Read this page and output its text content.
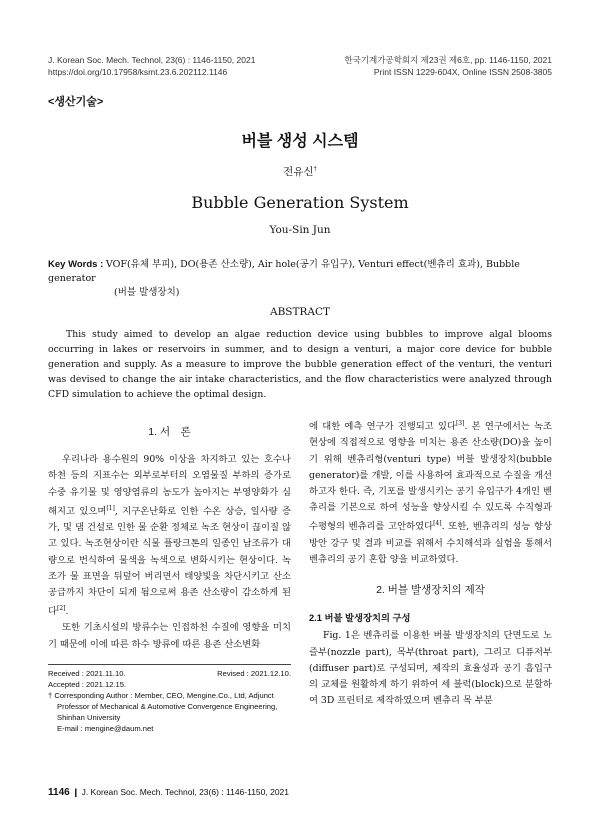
J. Korean Soc. Mech. Technol, 23(6) : 1146-1150, 2021
https://doi.org/10.17958/ksmt.23.6.202112.1146
한국기계가공학회지 제23권 제6호, pp. 1146-1150, 2021
Print ISSN 1229-604X, Online ISSN 2508-3805
<생산기술>
버블 생성 시스템
전유신†
Bubble Generation System
You-Sin Jun
Key Words : VOF(유체 부피), DO(용존 산소량), Air hole(공기 유입구), Venturi effect(벤츄리 효과), Bubble generator
(버블 발생장치)
ABSTRACT
This study aimed to develop an algae reduction device using bubbles to improve algal blooms occurring in lakes or reservoirs in summer, and to design a venturi, a major core device for bubble generation and supply. As a measure to improve the bubble generation effect of the venturi, the venturi was devised to change the air intake characteristics, and the flow characteristics were analyzed through CFD simulation to achieve the optimal design.
1. 서　론

우리나라 용수원의 90% 이상을 차지하고 있는 호수나 하천 등의 지표수는 외부로부터의 오염물질 부하의 증가로 수중 유기물 및 영양염류의 농도가 높아지는 부영양화가 심해지고 있으며[1], 지구온난화로 인한 수온 상승, 일사량 증가, 및 댐 건설로 인한 물 순환 정체로 녹조 현상이 끊이질 않고 있다. 녹조현상이란 식물 플랑크톤의 일종인 남조류가 대량으로 번식하여 물색을 녹색으로 변화시키는 현상이다. 녹조가 물 표면을 뒤덮어 버리면서 태양빛을 차단시키고 산소 공급까지 차단이 되게 됨으로써 용존 산소량이 감소하게 된다[2].

또한 기초시설의 방류수는 인접하천 수질에 영향을 미치기 때문에 이에 따른 하수 방류에 따른 용존 산소변화

에 대한 예측 연구가 진행되고 있다[3]. 본 연구에서는 녹조 현상에 직접적으로 영향을 미치는 용존 산소량(DO)을 높이기 위해 벤츄리형(venturi type) 버블 발생장치(bubble generator)를 개발, 이를 사용하여 효과적으로 수질을 개선하고자 한다. 즉, 기포를 발생시키는 공기 유입구가 4개인 벤츄리를 기본으로 하여 성능을 향상시킬 수 있도록 수직형과 수평형의 벤츄리를 고안하였다[4]. 또한, 벤츄리의 성능 향상 방안 강구 및 결과 비교를 위해서 수치해석과 실험을 통해서 벤츄리의 공기 혼합 양을 비교하였다.

2. 버블 발생장치의 제작
2.1 버블 발생장치의 구성

Fig. 1은 벤츄리를 이용한 버블 발생장치의 단면도로 노즐부(nozzle part), 목부(throat part), 그리고 디퓨저부(diffuser part)로 구성되며, 제작의 효율성과 공기 흡입구의 교체를 원활하게 하기 위하여 세 블럭(block)으로 분할하여 3D 프린터로 제작하였으며 벤츄리 목 부분

Received : 2021.11.10.	Revised : 2021.12.10.
Accepted : 2021.12.15.
† Corresponding Author : Member, CEO, Mengine.Co., Ltd, Adjunct Professor of Mechanical & Automotive Convergence Engineering, Shinhan University
E-mail : mengine@daum.net
1146 ❙ J. Korean Soc. Mech. Technol, 23(6) : 1146-1150, 2021
